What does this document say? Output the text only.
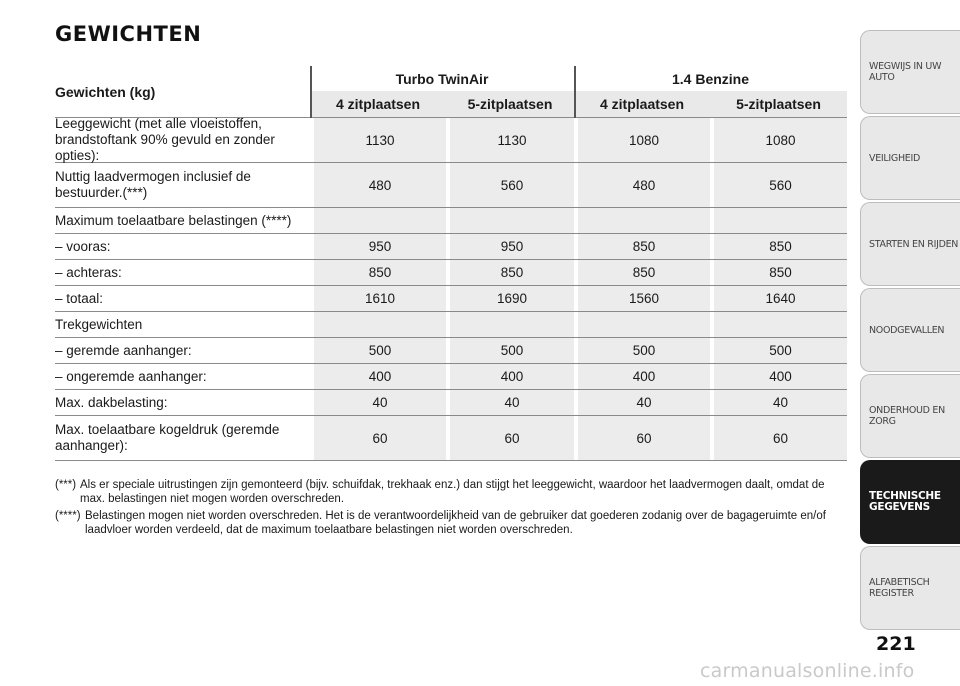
GEWICHTEN
Gewichten (kg)
Turbo TwinAir	1.4 Benzine
4 zitplaatsen	5-zitplaatsen	4 zitplaatsen	5-zitplaatsen
Leeggewicht (met alle vloeistoffen, brandstoftank 90% gevuld en zonder opties):
1130	1130	1080	1080
Nuttig laadvermogen inclusief de bestuurder.(***)	480	560	480	560
Maximum toelaatbare belastingen (****)
– vooras:	950	950	850	850
– achteras:	850	850	850	850
– totaal:	1610	1690	1560	1640
Trekgewichten
– geremde aanhanger:	500	500	500	500
– ongeremde aanhanger:	400	400	400	400
Max. dakbelasting:	40	40	40	40
Max. toelaatbare kogeldruk (geremde aanhanger):	60	60	60	60
(***) Als er speciale uitrustingen zijn gemonteerd (bijv. schuifdak, trekhaak enz.) dan stijgt het leeggewicht, waardoor het laadvermogen daalt, omdat de max. belastingen niet mogen worden overschreden.
(****) Belastingen mogen niet worden overschreden. Het is de verantwoordelijkheid van de gebruiker dat goederen zodanig over de bagageruimte en/of laadvloer worden verdeeld, dat de maximum toelaatbare belastingen niet worden overschreden.
WEGWIJS IN UW AUTO
VEILIGHEID
STARTEN EN RIJDEN
NOODGEVALLEN
ONDERHOUD EN ZORG
TECHNISCHE GEGEVENS
ALFABETISCH REGISTER
221
carmanualsonline.info
